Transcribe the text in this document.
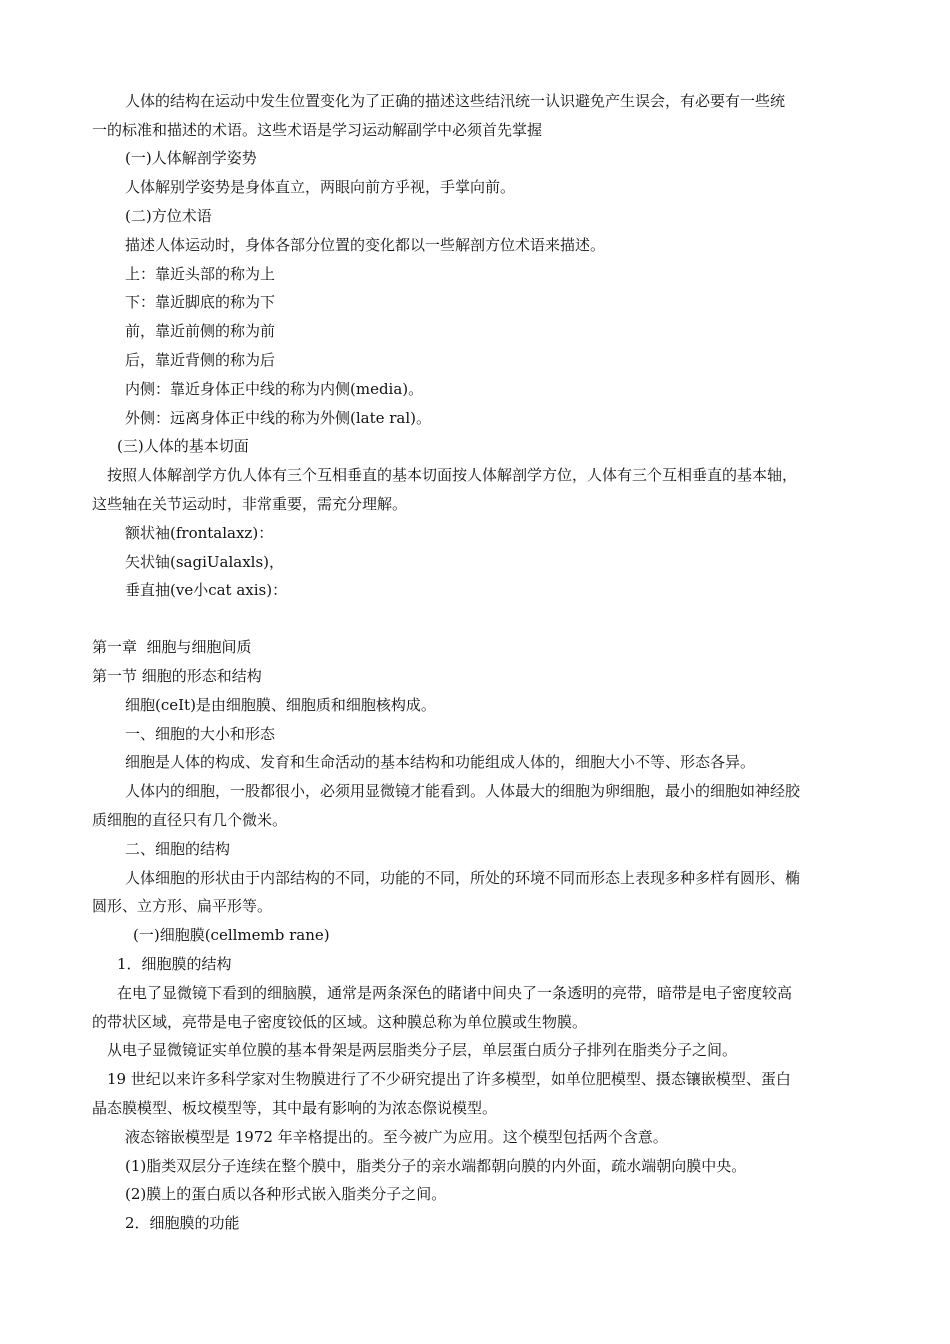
人体的结构在运动中发生位置变化为了正确的描述这些结汛统一认识避免产生误会，有必要有一些统
一的标准和描述的术语。这些术语是学习运动解副学中必须首先掌握
(一)人体解剖学姿势
人体解别学姿势是身体直立，两眼向前方乎视，手掌向前。
(二)方位术语
描述人体运动时，身体各部分位置的变化都以一些解剖方位术语来描述。
上：靠近头部的称为上
下：靠近脚底的称为下
前，靠近前侧的称为前
后，靠近背侧的称为后
内侧：靠近身体正中线的称为内侧(media)。
外侧：远离身体正中线的称为外侧(late ral)。
(三)人体的基本切面
按照人体解剖学方仇人体有三个互相垂直的基本切面按人体解剖学方位，人体有三个互相垂直的基本轴，
这些轴在关节运动时，非常重要，需充分理解。
额状袖(frontalaxz)：
矢状铀(sagiUalaxls)，
垂直抽(ve小cat axis)：
第一章  细胞与细胞间质
第一节 细胞的形态和结构
细胞(ceIt)是由细胞膜、细胞质和细胞核构成。
一、细胞的大小和形态
细胞是人体的构成、发育和生命活动的基本结构和功能组成人体的，细胞大小不等、形态各异。
人体内的细胞，一股都很小，必须用显微镜才能看到。人体最大的细胞为卵细胞，最小的细胞如神经胶
质细胞的直径只有几个微米。
二、细胞的结构
人体细胞的形状由于内部结构的不同，功能的不同，所处的环境不同而形态上表现多种多样有圆形、椭
圆形、立方形、扁平形等。
(一)细胞膜(cellmemb rane)
1．细胞膜的结构
在电了显微镜下看到的细脑膜，通常是两条深色的睹诸中间央了一条透明的亮带，暗带是电子密度较高
的带状区域，亮带是电子密度铰低的区域。这种膜总称为单位膜或生物膜。
从电子显微镜证实单位膜的基本骨架是两层脂类分子层，单层蛋白质分子排列在脂类分子之间。
19 世纪以来许多科学家对生物膜进行了不少研究提出了许多模型，如单位肥模型、摄态镶嵌模型、蛋白
晶态膜模型、板坟模型等，其中最有影响的为浓态傺说模型。
液态镕嵌模型是 1972 年辛格提出的。至今被广为应用。这个模型包括两个含意。
(1)脂类双层分子连续在整个膜中，脂类分子的亲水端都朝向膜的内外面，疏水端朝向膜中央。
(2)膜上的蛋白质以各种形式嵌入脂类分子之间。
2．细胞膜的功能
